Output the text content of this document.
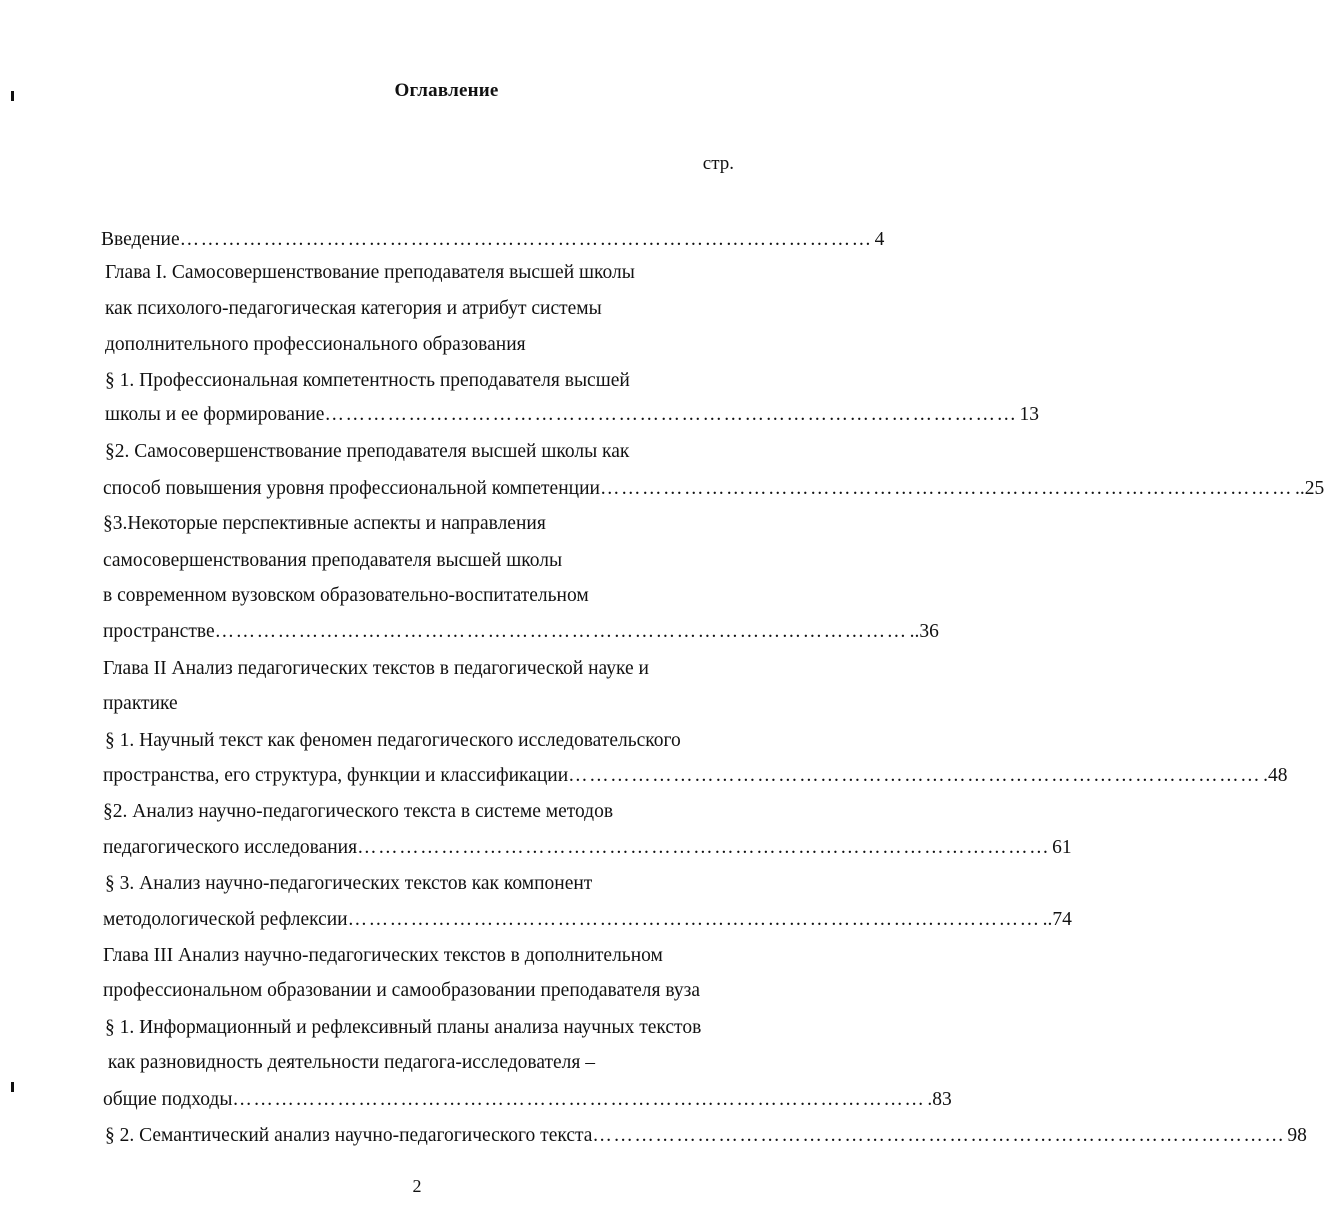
Оглавление
стр.
Введение ……………………………………………………………………………………… 4
Глава I. Самосовершенствование преподавателя высшей школы
как психолого-педагогическая категория и атрибут системы
дополнительного профессионального образования
§ 1. Профессиональная компетентность преподавателя высшей
школы и ее формирование ……………………………………………………………………………………… 13
§2. Самосовершенствование преподавателя высшей школы как
способ повышения уровня профессиональной компетенции ……………………………………………………………………………………… ..25
§3.Некоторые перспективные аспекты и направления
самосовершенствования преподавателя высшей школы
в современном вузовском образовательно-воспитательном
пространстве ……………………………………………………………………………………… ..36
Глава II Анализ педагогических текстов в педагогической науке и
практике
§ 1. Научный текст как феномен педагогического исследовательского
пространства, его структура, функции и классификации ……………………………………………………………………………………… .48
§2. Анализ научно-педагогического текста в системе методов
педагогического исследования ……………………………………………………………………………………… 61
§ 3. Анализ научно-педагогических текстов как компонент
методологической рефлексии ……………………………………………………………………………………… ..74
Глава III Анализ научно-педагогических текстов в дополнительном
профессиональном образовании и самообразовании преподавателя вуза
§ 1. Информационный и рефлексивный планы анализа научных текстов
как разновидность деятельности педагога-исследователя –
общие подходы ……………………………………………………………………………………… .83
§ 2. Семантический анализ научно-педагогического текста ……………………………………………………………………………………… 98
2
